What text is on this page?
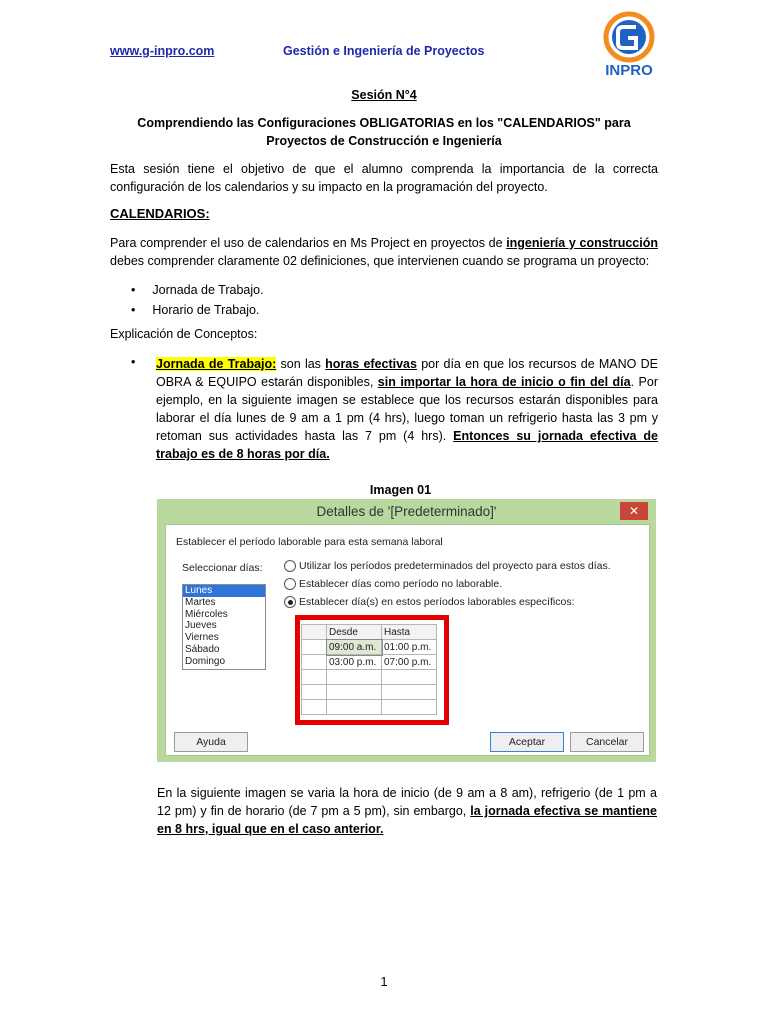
www.g-inpro.com	Gestión e Ingeniería de Proyectos
INPRO
Sesión N°4
Comprendiendo las Configuraciones OBLIGATORIAS en los "CALENDARIOS" para
Proyectos de Construcción e Ingeniería
Esta sesión tiene el objetivo de que el alumno comprenda la importancia de la correcta configuración de los calendarios y su impacto en la programación del proyecto.
CALENDARIOS:
Para comprender el uso de calendarios en Ms Project en proyectos de ingeniería y construcción debes comprender claramente 02 definiciones, que intervienen cuando se programa un proyecto:
• Jornada de Trabajo.
• Horario de Trabajo.
Explicación de Conceptos:
• Jornada de Trabajo: son las horas efectivas por día en que los recursos de MANO DE OBRA & EQUIPO estarán disponibles, sin importar la hora de inicio o fin del día. Por ejemplo, en la siguiente imagen se establece que los recursos estarán disponibles para laborar el día lunes de 9 am a 1 pm (4 hrs), luego toman un refrigerio hasta las 3 pm y retoman sus actividades hasta las 7 pm (4 hrs). Entonces su jornada efectiva de trabajo es de 8 horas por día.
Imagen 01
Detalles de '[Predeterminado]'	✕
Establecer el período laborable para esta semana laboral
Seleccionar días:
Lunes
Martes
Miércoles
Jueves
Viernes
Sábado
Domingo
Utilizar los períodos predeterminados del proyecto para estos días.
Establecer días como período no laborable.
Establecer día(s) en estos períodos laborables específicos:
	Desde	Hasta
	09:00 a.m.	01:00 p.m.
	03:00 p.m.	07:00 p.m.

Ayuda	Aceptar	Cancelar
En la siguiente imagen se varia la hora de inicio (de 9 am a 8 am), refrigerio (de 1 pm a 12 pm) y fin de horario (de 7 pm a 5 pm), sin embargo, la jornada efectiva se mantiene en 8 hrs, igual que en el caso anterior.
1
